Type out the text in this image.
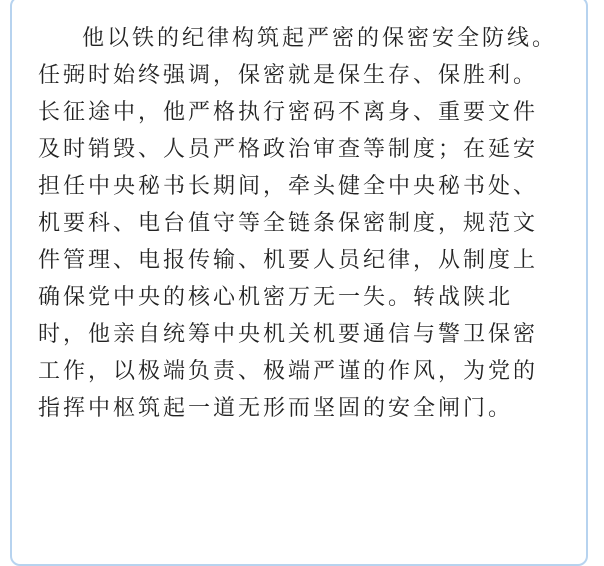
他以铁的纪律构筑起严密的保密安全防线。
任弼时始终强调，保密就是保生存、保胜利。
长征途中，他严格执行密码不离身、重要文件
及时销毁、人员严格政治审查等制度；在延安
担任中央秘书长期间，牵头健全中央秘书处、
机要科、电台值守等全链条保密制度，规范文
件管理、电报传输、机要人员纪律，从制度上
确保党中央的核心机密万无一失。转战陕北
时，他亲自统筹中央机关机要通信与警卫保密
工作，以极端负责、极端严谨的作风，为党的
指挥中枢筑起一道无形而坚固的安全闸门。
